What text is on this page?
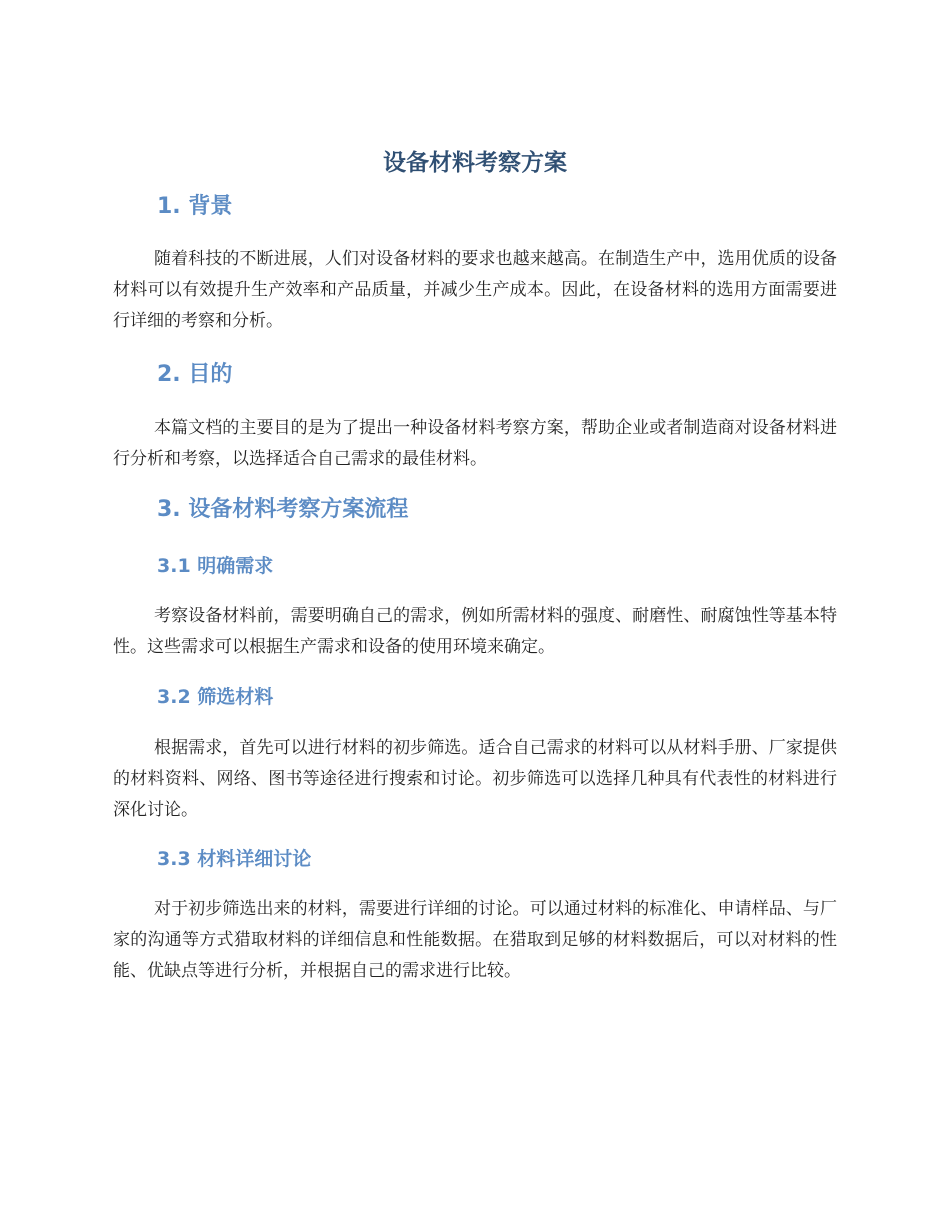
设备材料考察方案
1. 背景

随着科技的不断进展，人们对设备材料的要求也越来越高。在制造生产中，选用优质的设备材料可以有效提升生产效率和产品质量，并减少生产成本。因此，在设备材料的选用方面需要进行详细的考察和分析。

2. 目的

本篇文档的主要目的是为了提出一种设备材料考察方案，帮助企业或者制造商对设备材料进行分析和考察，以选择适合自己需求的最佳材料。

3. 设备材料考察方案流程
3.1 明确需求

考察设备材料前，需要明确自己的需求，例如所需材料的强度、耐磨性、耐腐蚀性等基本特性。这些需求可以根据生产需求和设备的使用环境来确定。

3.2 筛选材料

根据需求，首先可以进行材料的初步筛选。适合自己需求的材料可以从材料手册、厂家提供的材料资料、网络、图书等途径进行搜索和讨论。初步筛选可以选择几种具有代表性的材料进行深化讨论。

3.3 材料详细讨论

对于初步筛选出来的材料，需要进行详细的讨论。可以通过材料的标准化、申请样品、与厂家的沟通等方式猎取材料的详细信息和性能数据。在猎取到足够的材料数据后，可以对材料的性能、优缺点等进行分析，并根据自己的需求进行比较。
